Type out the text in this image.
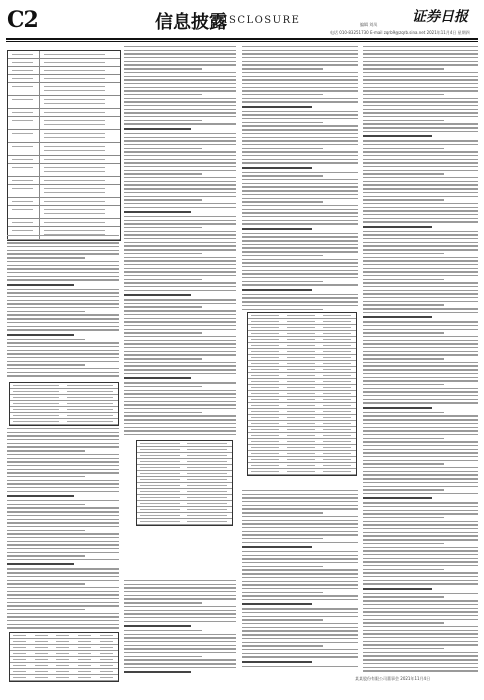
C2	信息披露
DISCLOSURE	证券日报
编辑 刘凤
电话 010-83251730 E-mail zqrb9@zqrb.sina.net 2021年11月4日 星期四
某某股份有限公司董事会 2021年11月4日
